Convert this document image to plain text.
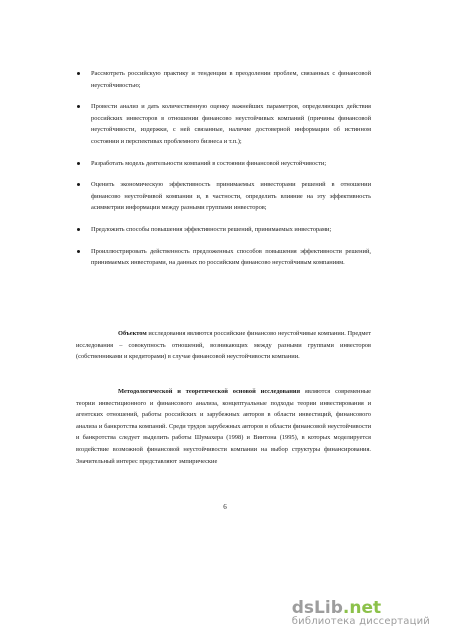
Рассмотреть российскую практику и тенденции в преодолении проблем, связанных с финансовой неустойчивостью;
Провести анализ и дать количественную оценку важнейших параметров, определяющих действия российских инвесторов в отношении финансово неустойчивых компаний (причины финансовой неустойчивости, издержки, с ней связанные, наличие достоверной информации об истинном состоянии и перспективах проблемного бизнеса и т.п.);
Разработать модель деятельности компаний в состоянии финансовой неустойчивости;
Оценить экономическую эффективность принимаемых инвесторами решений в отношении финансово неустойчивой компании и, в частности, определить влияние на эту эффективность асимметрии информации между разными группами инвесторов;
Предложить способы повышения эффективности решений, принимаемых инвесторами;
Проиллюстрировать действенность предложенных способов повышения эффективности решений, принимаемых инвесторами, на данных по российским финансово неустойчивым компаниям.
Объектом исследования являются российские финансово неустойчивые компании. Предмет исследования – совокупность отношений, возникающих между разными группами инвесторов (собственниками и кредиторами) в случае финансовой неустойчивости компании.
Методологической и теоретической основой исследования являются современные теории инвестиционного и финансового анализа, концептуальные подходы теории инвестирования и агентских отношений, работы российских и зарубежных авторов в области инвестиций, финансового анализа и банкротства компаний. Среди трудов зарубежных авторов в области финансовой неустойчивости и банкротства следует выделить работы Шумахера (1998) и Винтона (1995), в которых моделируется воздействие возможной финансовой неустойчивости компании на выбор структуры финансирования. Значительный интерес представляют эмпирические
6
dsLib .net
библиотека диссертаций
